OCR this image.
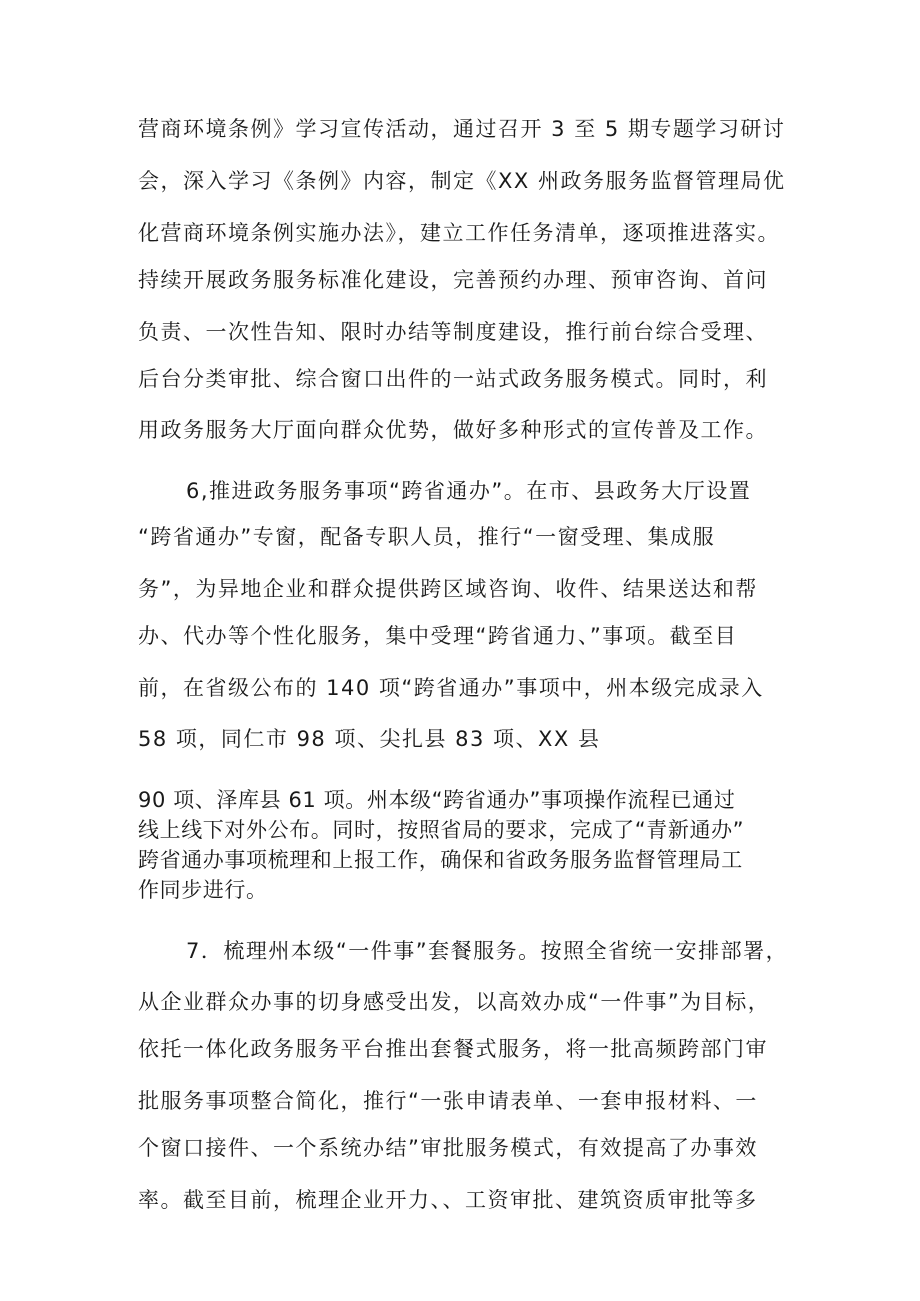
营商环境条例》学习宣传活动，通过召开 3 至 5 期专题学习研讨
会，深入学习《条例》内容，制定《XX 州政务服务监督管理局优
化营商环境条例实施办法》，建立工作任务清单，逐项推进落实。
持续开展政务服务标准化建设，完善预约办理、预审咨询、首问
负责、一次性告知、限时办结等制度建设，推行前台综合受理、
后台分类审批、综合窗口出件的一站式政务服务模式。同时，利
用政务服务大厅面向群众优势，做好多种形式的宣传普及工作。
6,推进政务服务事项“跨省通办”。在市、县政务大厅设置
“跨省通办”专窗，配备专职人员，推行“一窗受理、集成服
务”，为异地企业和群众提供跨区域咨询、收件、结果送达和帮
办、代办等个性化服务，集中受理“跨省通力、”事项。截至目
前，在省级公布的 140 项“跨省通办”事项中，州本级完成录入
58 项，同仁市 98 项、尖扎县 83 项、XX 县
90 项、泽库县 61 项。州本级“跨省通办”事项操作流程已通过
线上线下对外公布。同时，按照省局的要求，完成了“青新通办”
跨省通办事项梳理和上报工作，确保和省政务服务监督管理局工
作同步进行。
7．梳理州本级“一件事”套餐服务。按照全省统一安排部署，
从企业群众办事的切身感受出发，以高效办成“一件事”为目标，
依托一体化政务服务平台推出套餐式服务，将一批高频跨部门审
批服务事项整合简化，推行“一张申请表单、一套申报材料、一
个窗口接件、一个系统办结”审批服务模式，有效提高了办事效
率。截至目前，梳理企业开力、、工资审批、建筑资质审批等多
